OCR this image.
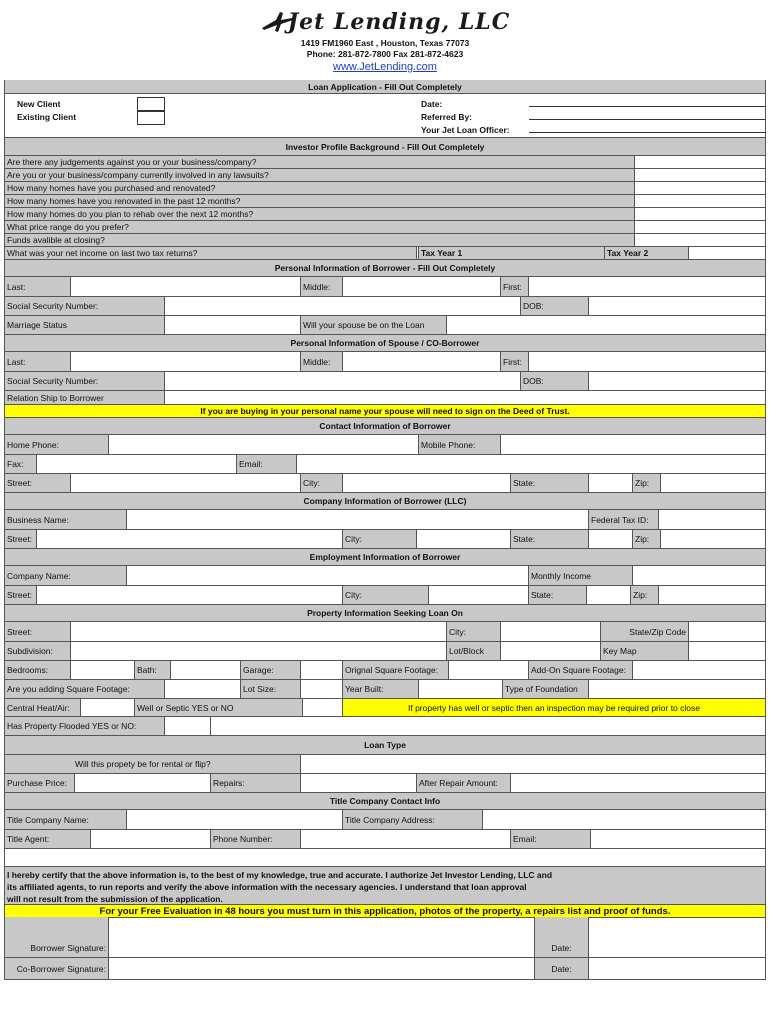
Jet Lending, LLC
1419 FM1960 East , Houston, Texas 77073
Phone: 281-872-7800 Fax 281-872-4623
www.JetLending.com
Loan Application - Fill Out Completely
New Client
Existing Client
Date:
Referred By:
Your Jet Loan Officer:
Investor Profile Background - Fill Out Completely
Are there any judgements against you or your business/company?
Are you or your business/company currently involved in any lawsuits?
How many homes have you purchased and renovated?
How many homes have you renovated in the past 12 months?
How many homes do you plan to rehab over the next 12 months?
What price range do you prefer?
Funds avalible at closing?
What was your net income on last two tax returns?	Tax Year 1	Tax Year 2
Personal Information of Borrower - Fill Out Completely
Last:	Middle:	First:
Social Security Number:	DOB:
Marriage Status	Will your spouse be on the Loan
Personal Information of Spouse / CO-Borrower
Last:	Middle:	First:
Social Security Number:	DOB:
Relation Ship to Borrower
If you are buying in your personal name your spouse will need to sign on the Deed of Trust.
Contact Information of Borrower
Home Phone:	Mobile Phone:
Fax:	Email:
Street:	City:	State:	Zip:
Company Information of Borrower (LLC)
Business Name:	Federal Tax ID:
Street:	City:	State:	Zip:
Employment Information of Borrower
Company Name:	Monthly Income
Street:	City:	State:	Zip:
Property Information Seeking Loan On
Street:	City:	State/Zip Code
Subdivision:	Lot/Block	Key Map
Bedrooms:	Bath:	Garage:	Orignal Square Footage:	Add-On Square Footage:
Are you adding Square Footage:	Lot Size:	Year Built:	Type of Foundation
Central Heat/Air:	Well or Septic YES or NO	If property has well or septic then an inspection may be required prior to close
Has Property Flooded YES or NO:
Loan Type
Will this propety be for rental or flip?
Purchase Price:	Repairs:	After Repair Amount:
Title Company Contact Info
Title Company Name:	Title Company Address:
Title Agent:	Phone Number:	Email:
I hereby certify that the above information is, to the best of my knowledge, true and accurate. I authorize Jet Investor Lending, LLC and
its affiliated agents, to run reports and verify the above information with the necessary agencies. I understand that loan approval
will not result from the submission of the application.
For your Free Evaluation in 48 hours you must turn in this application, photos of the property, a repairs list and proof of funds.
Borrower Signature:	Date:
Co-Borrower Signature:	Date:
